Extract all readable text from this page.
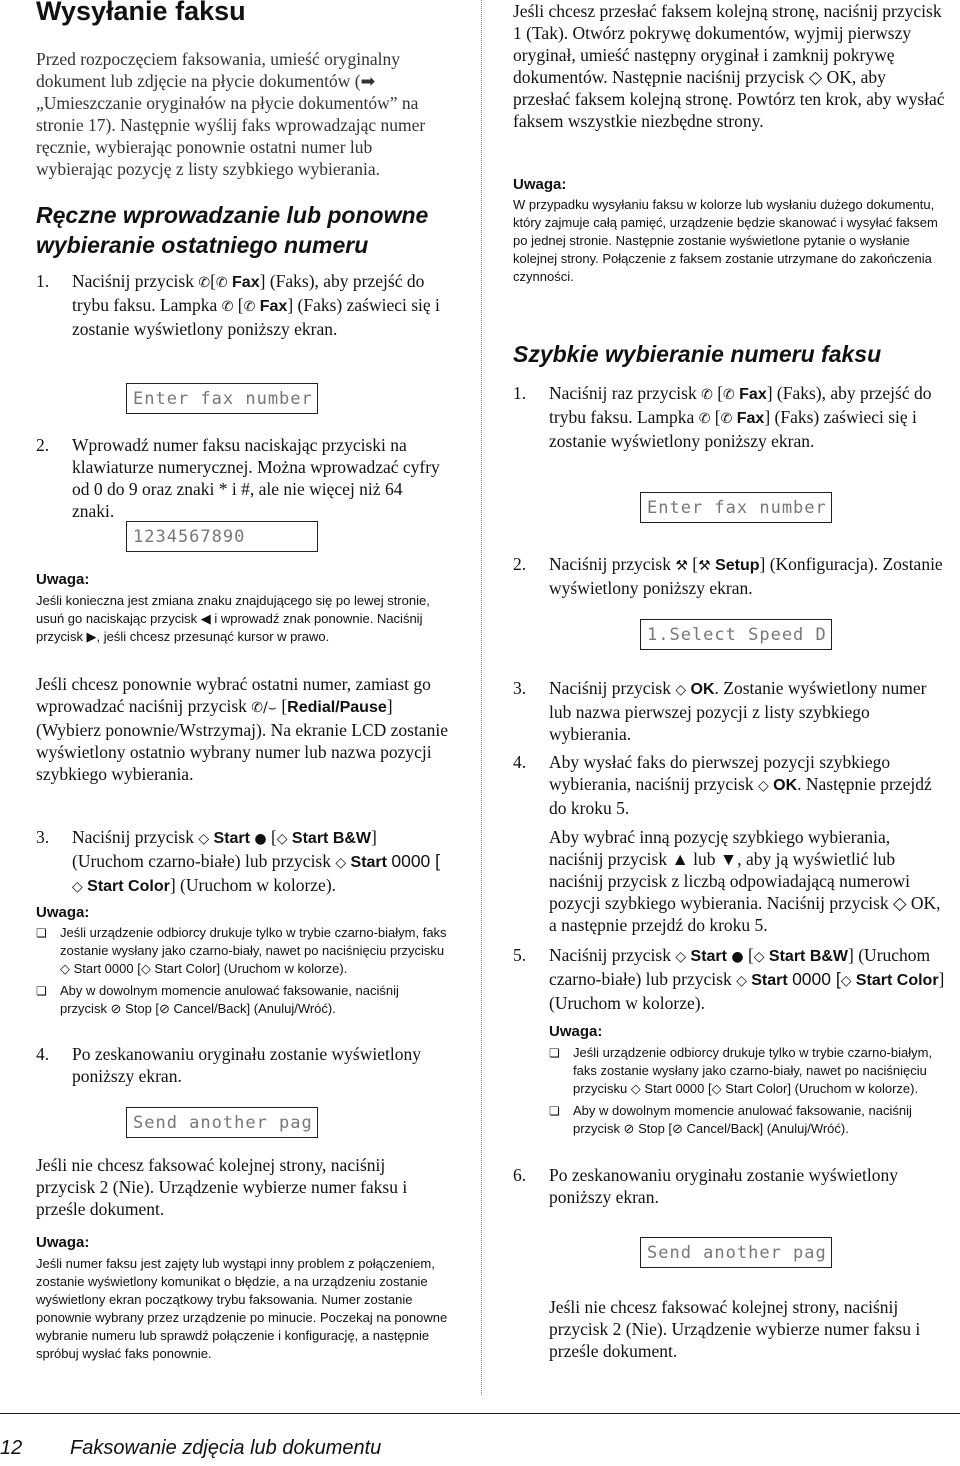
Wysyłanie faksu
Przed rozpoczęciem faksowania, umieść oryginalny dokument lub zdjęcie na płycie dokumentów (➡ „Umieszczanie oryginałów na płycie dokumentów” na stronie 17). Następnie wyślij faks wprowadzając numer ręcznie, wybierając ponownie ostatni numer lub wybierając pozycję z listy szybkiego wybierania.
Ręczne wprowadzanie lub ponowne wybieranie ostatniego numeru
1.	Naciśnij przycisk ✆[✆ Fax] (Faks), aby przejść do trybu faksu. Lampka ✆ [✆ Fax] (Faks) zaświeci się i zostanie wyświetlony poniższy ekran.
Enter fax number
2.	Wprowadź numer faksu naciskając przyciski na klawiaturze numerycznej. Można wprowadzać cyfry od 0 do 9 oraz znaki * i #, ale nie więcej niż 64 znaki.
1234567890
Uwaga:
Jeśli konieczna jest zmiana znaku znajdującego się po lewej stronie, usuń go naciskając przycisk ◀ i wprowadź znak ponownie. Naciśnij przycisk ▶, jeśli chcesz przesunąć kursor w prawo.
Jeśli chcesz ponownie wybrać ostatni numer, zamiast go wprowadzać naciśnij przycisk ✆/⌣ [Redial/Pause] (Wybierz ponownie/Wstrzymaj). Na ekranie LCD zostanie wyświetlony ostatnio wybrany numer lub nazwa pozycji szybkiego wybierania.
3.	Naciśnij przycisk ◇ Start ● [◇ Start B&W] (Uruchom czarno-białe) lub przycisk ◇ Start 0000 [◇ Start Color] (Uruchom w kolorze).
Uwaga:
❏	Jeśli urządzenie odbiorcy drukuje tylko w trybie czarno-białym, faks zostanie wysłany jako czarno-biały, nawet po naciśnięciu przycisku ◇ Start 0000 [◇ Start Color] (Uruchom w kolorze).
❏	Aby w dowolnym momencie anulować faksowanie, naciśnij przycisk ⊘ Stop [⊘ Cancel/Back] (Anuluj/Wróć).
4.	Po zeskanowaniu oryginału zostanie wyświetlony poniższy ekran.
Send another pag
Jeśli nie chcesz faksować kolejnej strony, naciśnij przycisk 2 (Nie). Urządzenie wybierze numer faksu i prześle dokument.
Uwaga:
Jeśli numer faksu jest zajęty lub wystąpi inny problem z połączeniem, zostanie wyświetlony komunikat o błędzie, a na urządzeniu zostanie wyświetlony ekran początkowy trybu faksowania. Numer zostanie ponownie wybrany przez urządzenie po minucie. Poczekaj na ponowne wybranie numeru lub sprawdź połączenie i konfigurację, a następnie spróbuj wysłać faks ponownie.
Jeśli chcesz przesłać faksem kolejną stronę, naciśnij przycisk 1 (Tak). Otwórz pokrywę dokumentów, wyjmij pierwszy oryginał, umieść następny oryginał i zamknij pokrywę dokumentów. Następnie naciśnij przycisk ◇ OK, aby przesłać faksem kolejną stronę. Powtórz ten krok, aby wysłać faksem wszystkie niezbędne strony.
Uwaga:
W przypadku wysyłaniu faksu w kolorze lub wysłaniu dużego dokumentu, który zajmuje całą pamięć, urządzenie będzie skanować i wysyłać faksem po jednej stronie. Następnie zostanie wyświetlone pytanie o wysłanie kolejnej strony. Połączenie z faksem zostanie utrzymane do zakończenia czynności.
Szybkie wybieranie numeru faksu
1.	Naciśnij raz przycisk ✆ [✆ Fax] (Faks), aby przejść do trybu faksu. Lampka ✆ [✆ Fax] (Faks) zaświeci się i zostanie wyświetlony poniższy ekran.
Enter fax number
2.	Naciśnij przycisk ⚒ [⚒ Setup] (Konfiguracja). Zostanie wyświetlony poniższy ekran.
1.Select Speed D
3.	Naciśnij przycisk ◇ OK. Zostanie wyświetlony numer lub nazwa pierwszej pozycji z listy szybkiego wybierania.
4.	Aby wysłać faks do pierwszej pozycji szybkiego wybierania, naciśnij przycisk ◇ OK. Następnie przejdź do kroku 5.
Aby wybrać inną pozycję szybkiego wybierania, naciśnij przycisk ▲ lub ▼, aby ją wyświetlić lub naciśnij przycisk z liczbą odpowiadającą numerowi pozycji szybkiego wybierania. Naciśnij przycisk ◇ OK, a następnie przejdź do kroku 5.
5.	Naciśnij przycisk ◇ Start ● [◇ Start B&W] (Uruchom czarno-białe) lub przycisk ◇ Start 0000 [◇ Start Color] (Uruchom w kolorze).
Uwaga:
❏	Jeśli urządzenie odbiorcy drukuje tylko w trybie czarno-białym, faks zostanie wysłany jako czarno-biały, nawet po naciśnięciu przycisku ◇ Start 0000 [◇ Start Color] (Uruchom w kolorze).
❏	Aby w dowolnym momencie anulować faksowanie, naciśnij przycisk ⊘ Stop [⊘ Cancel/Back] (Anuluj/Wróć).
6.	Po zeskanowaniu oryginału zostanie wyświetlony poniższy ekran.
Send another pag
Jeśli nie chcesz faksować kolejnej strony, naciśnij przycisk 2 (Nie). Urządzenie wybierze numer faksu i prześle dokument.
12 Faksowanie zdjęcia lub dokumentu
